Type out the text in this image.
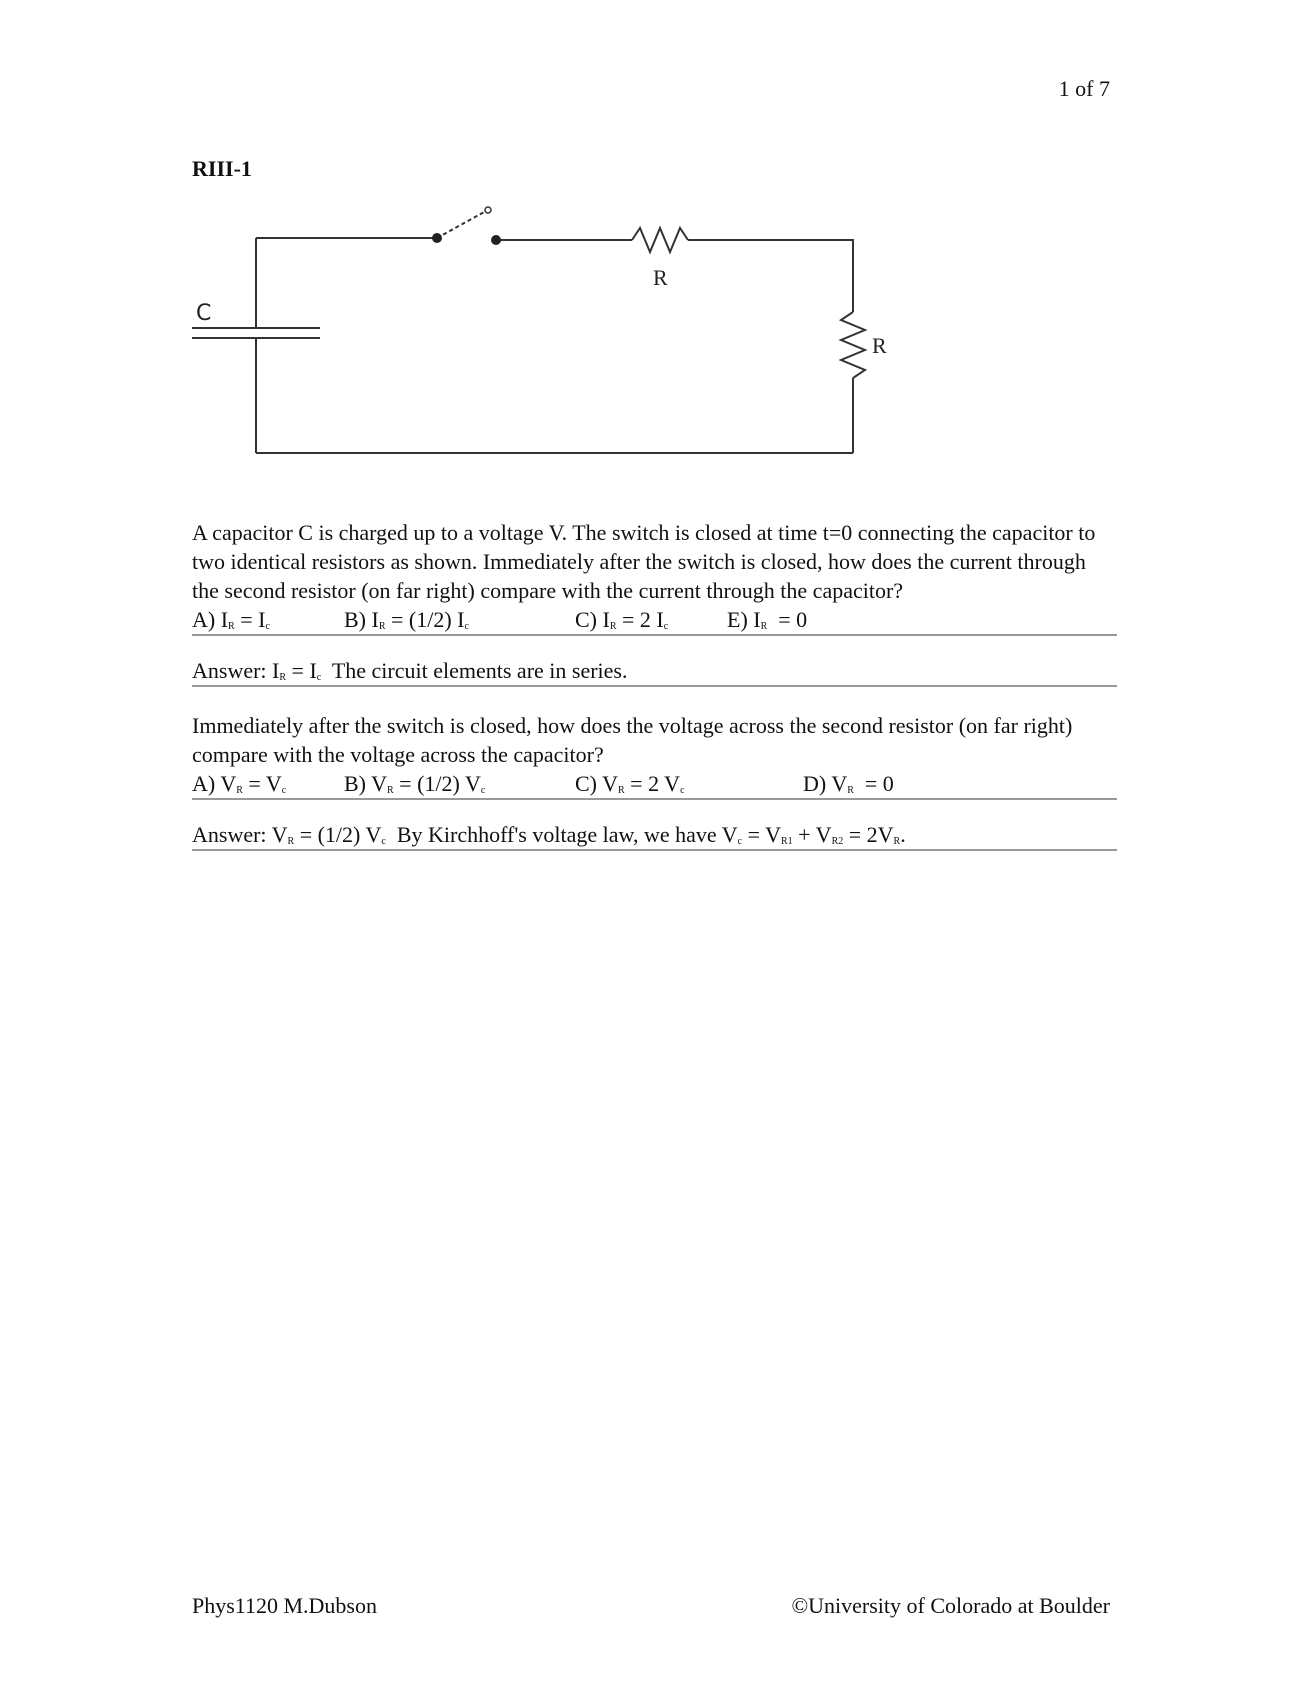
1 of 7
RIII-1
C
R
R

A capacitor C is charged up to a voltage V. The switch is closed at time t=0 connecting the capacitor to two identical resistors as shown. Immediately after the switch is closed, how does the current through the second resistor (on far right) compare with the current through the capacitor?

A) $I_R = I_c$	B) $I_R = (1/2)$ $I_c$	C) $I_R = 2$ $I_c$	E) $I_R = 0$
Answer: $I_R = I_c$  The circuit elements are in series.

Immediately after the switch is closed, how does the voltage across the second resistor (on far right) compare with the voltage across the capacitor?

A) $V_R = V_c$	B) $V_R = (1/2)$ $V_c$	C) $V_R = 2$ $V_c$	D) $V_R = 0$
Answer: $V_R = (1/2)$ $V_c$  By Kirchhoff's voltage law, we have $V_c = V_{R1} + V_{R2} = 2V_R$.
Phys1120 M.Dubson	©University of Colorado at Boulder
